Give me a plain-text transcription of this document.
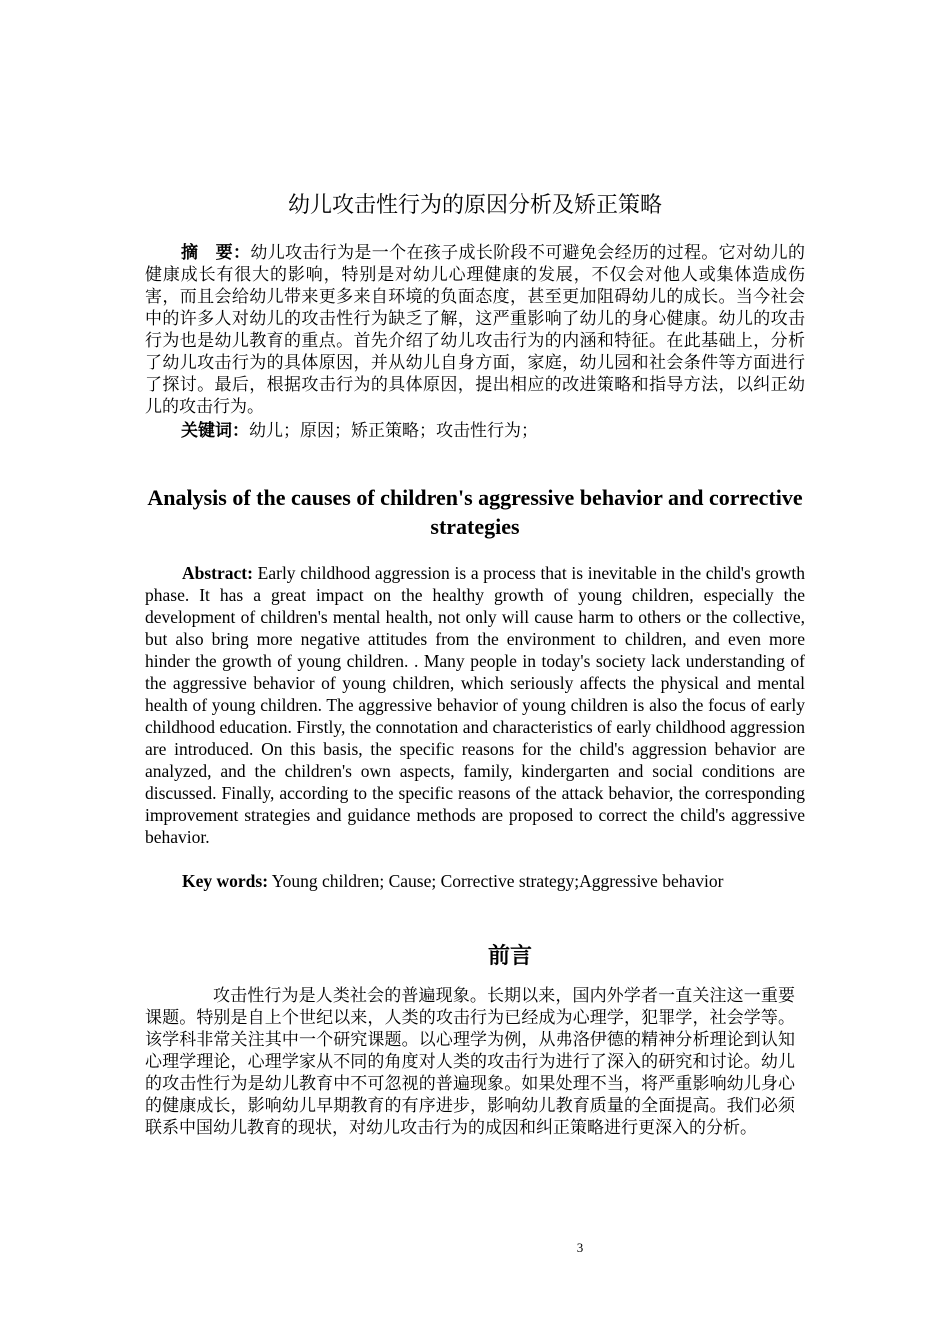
幼儿攻击性行为的原因分析及矫正策略

摘　要：幼儿攻击行为是一个在孩子成长阶段不可避免会经历的过程。它对幼儿的健康成长有很大的影响，特别是对幼儿心理健康的发展，不仅会对他人或集体造成伤害，而且会给幼儿带来更多来自环境的负面态度，甚至更加阻碍幼儿的成长。当今社会中的许多人对幼儿的攻击性行为缺乏了解，这严重影响了幼儿的身心健康。幼儿的攻击行为也是幼儿教育的重点。首先介绍了幼儿攻击行为的内涵和特征。在此基础上，分析了幼儿攻击行为的具体原因，并从幼儿自身方面，家庭，幼儿园和社会条件等方面进行了探讨。最后，根据攻击行为的具体原因，提出相应的改进策略和指导方法，以纠正幼儿的攻击行为。

关键词：幼儿；原因；矫正策略；攻击性行为；

Analysis of the causes of children's aggressive behavior and corrective strategies

Abstract: Early childhood aggression is a process that is inevitable in the child's growth phase. It has a great impact on the healthy growth of young children, especially the development of children's mental health, not only will cause harm to others or the collective, but also bring more negative attitudes from the environment to children, and even more hinder the growth of young children. . Many people in today's society lack understanding of the aggressive behavior of young children, which seriously affects the physical and mental health of young children. The aggressive behavior of young children is also the focus of early childhood education. Firstly, the connotation and characteristics of early childhood aggression are introduced. On this basis, the specific reasons for the child's aggression behavior are analyzed, and the children's own aspects, family, kindergarten and social conditions are discussed. Finally, according to the specific reasons of the attack behavior, the corresponding improvement strategies and guidance methods are proposed to correct the child's aggressive behavior.

Key words: Young children; Cause; Corrective strategy;Aggressive behavior

前言

攻击性行为是人类社会的普遍现象。长期以来，国内外学者一直关注这一重要课题。特别是自上个世纪以来，人类的攻击行为已经成为心理学，犯罪学，社会学等。该学科非常关注其中一个研究课题。以心理学为例，从弗洛伊德的精神分析理论到认知心理学理论，心理学家从不同的角度对人类的攻击行为进行了深入的研究和讨论。幼儿的攻击性行为是幼儿教育中不可忽视的普遍现象。如果处理不当，将严重影响幼儿身心的健康成长，影响幼儿早期教育的有序进步，影响幼儿教育质量的全面提高。我们必须联系中国幼儿教育的现状，对幼儿攻击行为的成因和纠正策略进行更深入的分析。

3
